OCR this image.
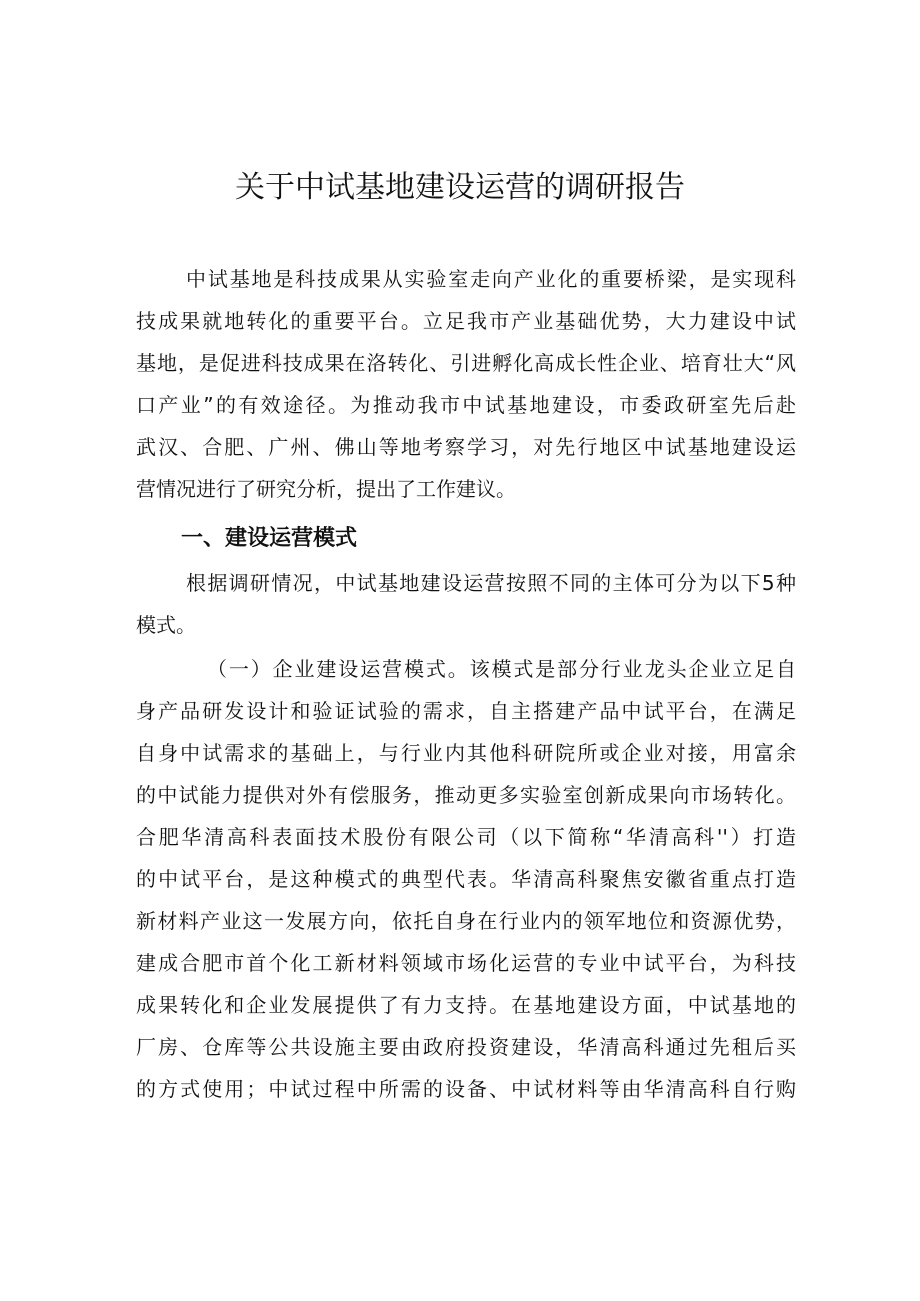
关于中试基地建设运营的调研报告

中试基地是科技成果从实验室走向产业化的重要桥梁，是实现科

技成果就地转化的重要平台。立足我市产业基础优势，大力建设中试

基地，是促进科技成果在洛转化、引进孵化高成长性企业、培育壮大“风

口产业”的有效途径。为推动我市中试基地建设，市委政研室先后赴

武汉、合肥、广州、佛山等地考察学习，对先行地区中试基地建设运

营情况进行了研究分析，提出了工作建议。

一、建设运营模式

根据调研情况，中试基地建设运营按照不同的主体可分为以下5种

模式。

（一）企业建设运营模式。该模式是部分行业龙头企业立足自

身产品研发设计和验证试验的需求，自主搭建产品中试平台，在满足

自身中试需求的基础上，与行业内其他科研院所或企业对接，用富余

的中试能力提供对外有偿服务，推动更多实验室创新成果向市场转化。

合肥华清高科表面技术股份有限公司（以下简称“华清高科''）打造

的中试平台，是这种模式的典型代表。华清高科聚焦安徽省重点打造

新材料产业这一发展方向，依托自身在行业内的领军地位和资源优势，

建成合肥市首个化工新材料领域市场化运营的专业中试平台，为科技

成果转化和企业发展提供了有力支持。在基地建设方面，中试基地的

厂房、仓库等公共设施主要由政府投资建设，华清高科通过先租后买

的方式使用；中试过程中所需的设备、中试材料等由华清高科自行购
